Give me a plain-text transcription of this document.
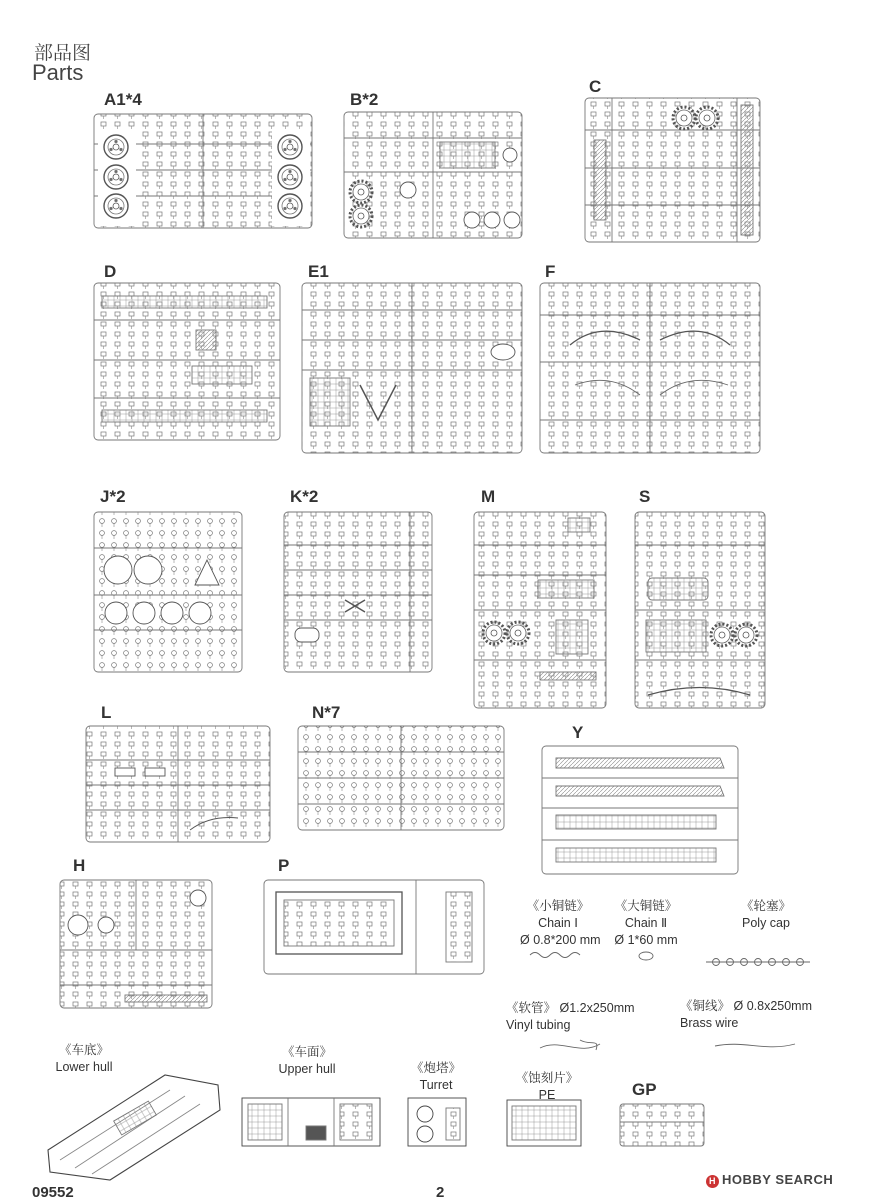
部品图
Parts
A1*4	B*2
C
D	E1	F
J*2	K*2	M	S
L	N*7
Y
H	P
《小铜链》
Chain Ⅰ
Ø 0.8*200 mm
《大铜链》
Chain Ⅱ
Ø 1*60 mm
《轮塞》
Poly cap
《软管》 Ø1.2x250mm
Vinyl tubing
《铜线》 Ø 0.8x250mm
Brass wire
《车底》
Lower hull
《车面》
Upper hull	《炮塔》
Turret	《蚀刻片》
PE	GP
09552	2
H HOBBY SEARCH
